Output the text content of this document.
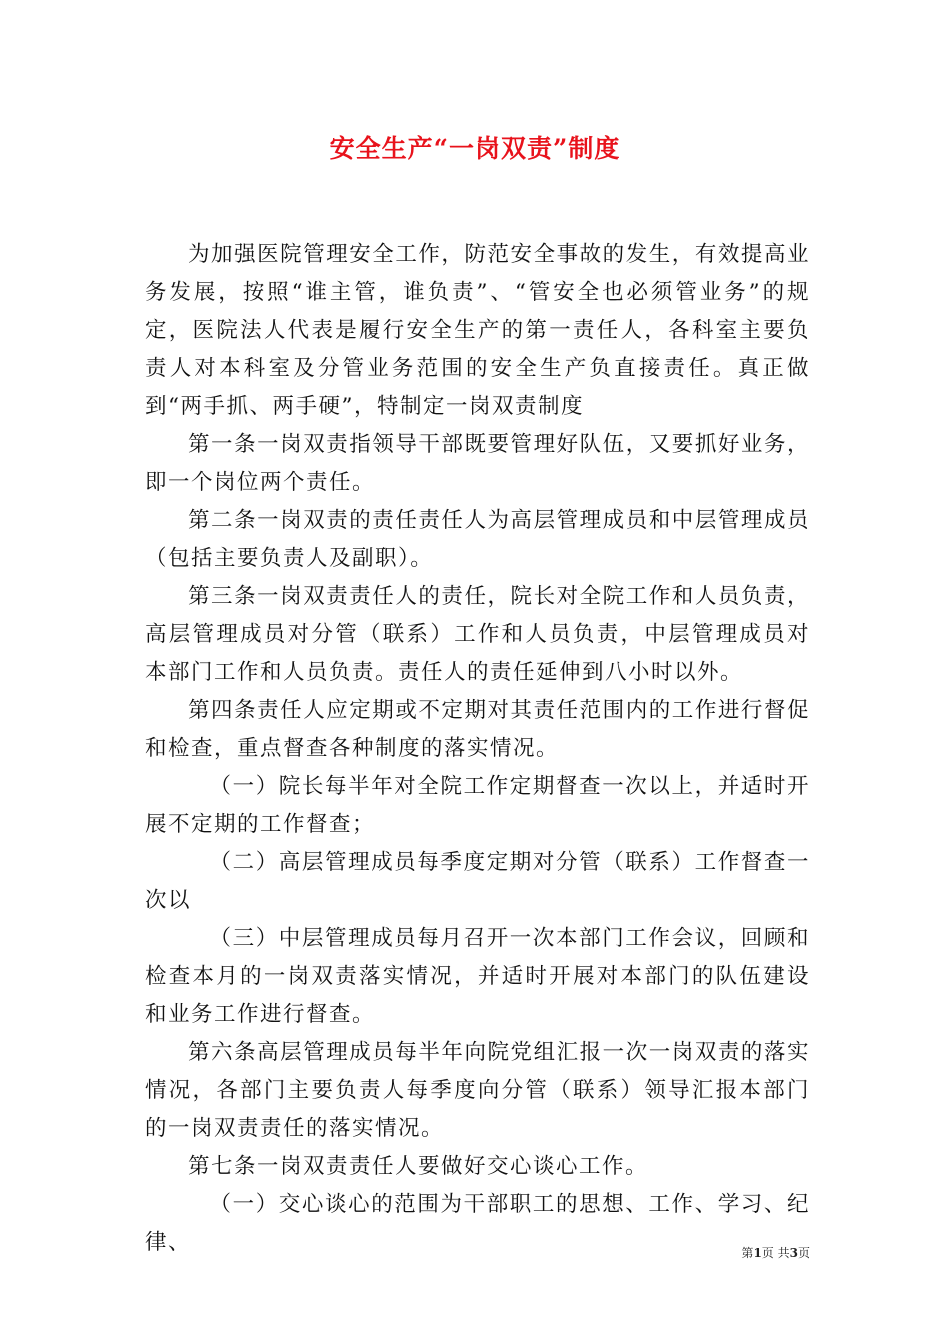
安全生产“一岗双责”制度

为加强医院管理安全工作，防范安全事故的发生，有效提高业务发展，按照“谁主管，谁负责”、“管安全也必须管业务”的规定，医院法人代表是履行安全生产的第一责任人，各科室主要负责人对本科室及分管业务范围的安全生产负直接责任。真正做到“两手抓、两手硬”，特制定一岗双责制度

第一条一岗双责指领导干部既要管理好队伍，又要抓好业务，即一个岗位两个责任。

第二条一岗双责的责任责任人为高层管理成员和中层管理成员（包括主要负责人及副职）。

第三条一岗双责责任人的责任，院长对全院工作和人员负责，高层管理成员对分管（联系）工作和人员负责，中层管理成员对本部门工作和人员负责。责任人的责任延伸到八小时以外。

第四条责任人应定期或不定期对其责任范围内的工作进行督促和检查，重点督查各种制度的落实情况。

（一）院长每半年对全院工作定期督查一次以上，并适时开展不定期的工作督查；

（二）高层管理成员每季度定期对分管（联系）工作督查一次以

（三）中层管理成员每月召开一次本部门工作会议，回顾和检查本月的一岗双责落实情况，并适时开展对本部门的队伍建设和业务工作进行督查。

第六条高层管理成员每半年向院党组汇报一次一岗双责的落实情况，各部门主要负责人每季度向分管（联系）领导汇报本部门的一岗双责责任的落实情况。

第七条一岗双责责任人要做好交心谈心工作。

（一）交心谈心的范围为干部职工的思想、工作、学习、纪律、	第1页 共3页
